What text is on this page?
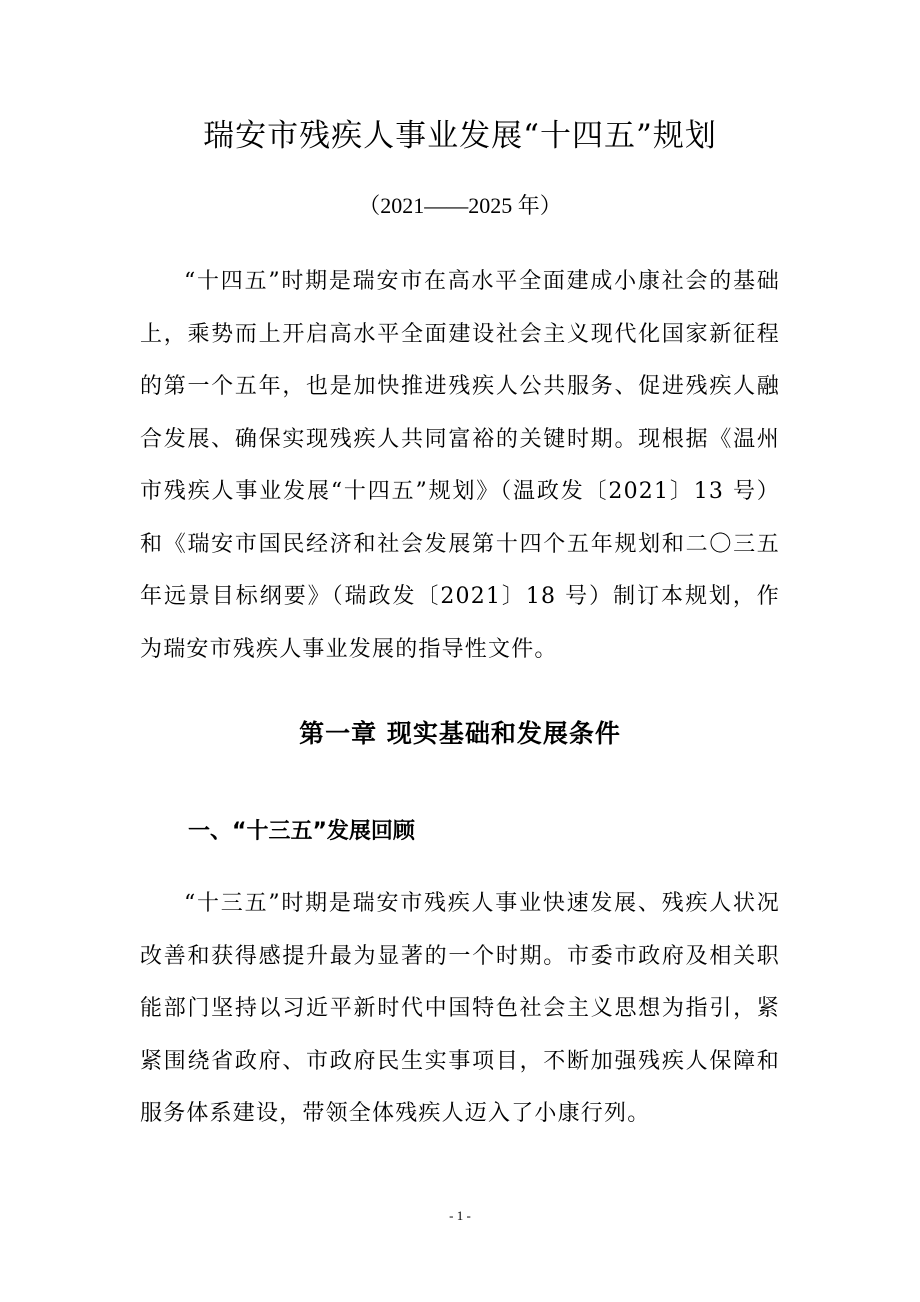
瑞安市残疾人事业发展“十四五”规划
（2021——2025 年）

“十四五”时期是瑞安市在高水平全面建成小康社会的基础上，乘势而上开启高水平全面建设社会主义现代化国家新征程的第一个五年，也是加快推进残疾人公共服务、促进残疾人融合发展、确保实现残疾人共同富裕的关键时期。现根据《温州市残疾人事业发展“十四五”规划》（温政发〔2021〕13 号）和《瑞安市国民经济和社会发展第十四个五年规划和二〇三五年远景目标纲要》（瑞政发〔2021〕18 号）制订本规划，作为瑞安市残疾人事业发展的指导性文件。

第一章 现实基础和发展条件
一、“十三五”发展回顾

“十三五”时期是瑞安市残疾人事业快速发展、残疾人状况改善和获得感提升最为显著的一个时期。市委市政府及相关职能部门坚持以习近平新时代中国特色社会主义思想为指引，紧紧围绕省政府、市政府民生实事项目，不断加强残疾人保障和服务体系建设，带领全体残疾人迈入了小康行列。

- 1 -
